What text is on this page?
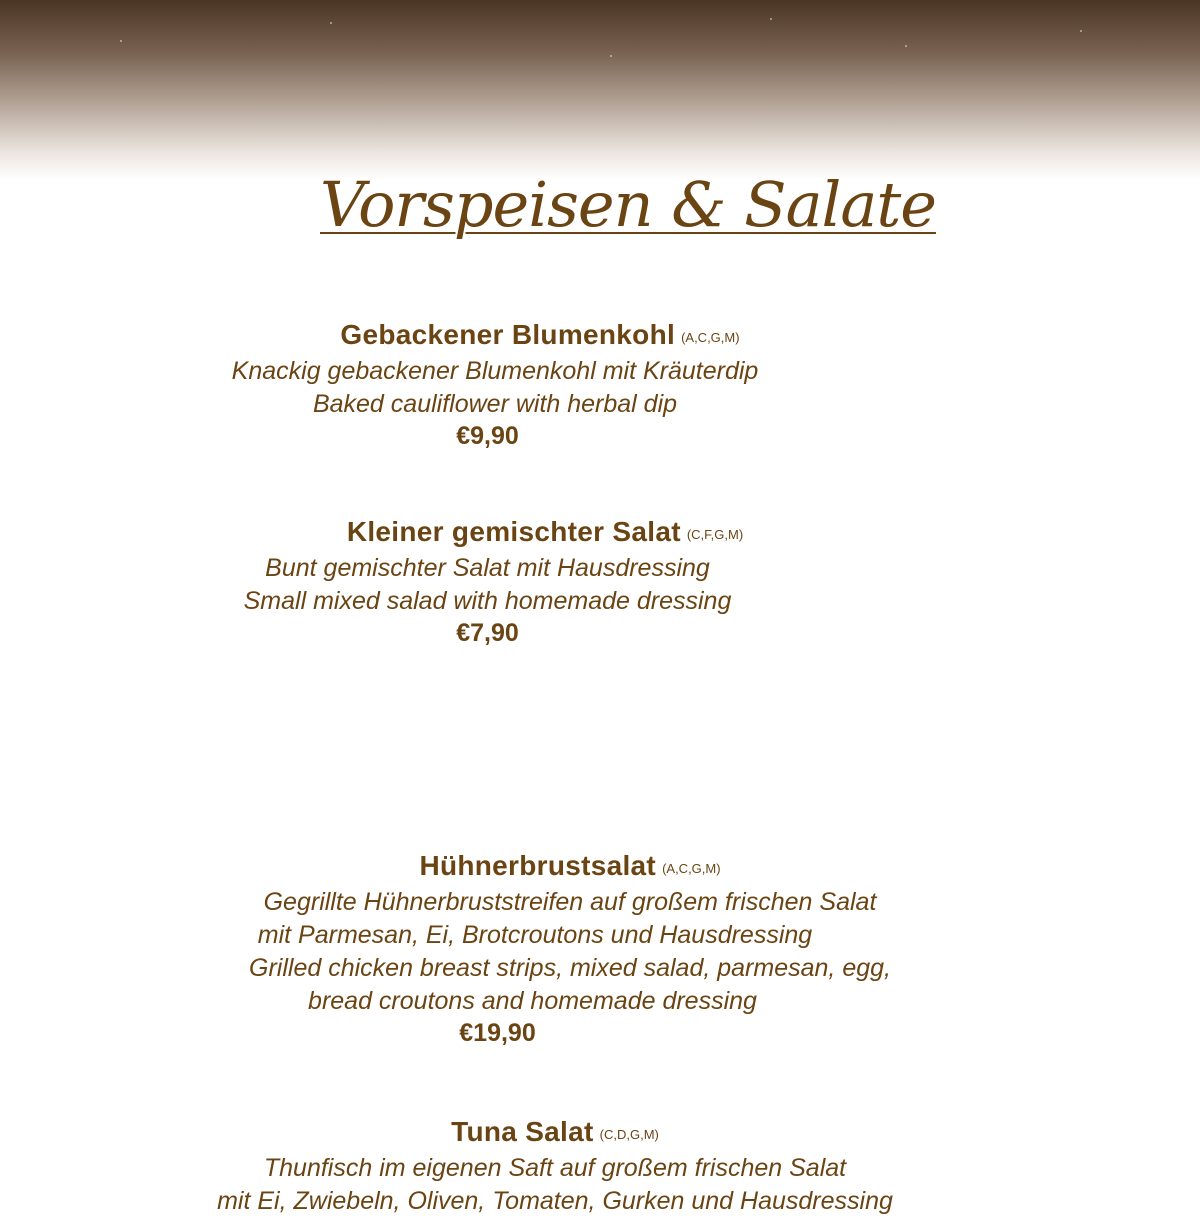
Vorspeisen & Salate
Gebackener Blumenkohl (A,C,G,M)
Knackig gebackener Blumenkohl mit Kräuterdip
Baked cauliflower with herbal dip
€9,90
Kleiner gemischter Salat (C,F,G,M)
Bunt gemischter Salat mit Hausdressing
Small mixed salad with homemade dressing
€7,90
Hühnerbrustsalat (A,C,G,M)
Gegrillte Hühnerbruststreifen auf großem frischen Salat
mit Parmesan, Ei, Brotcroutons und Hausdressing
Grilled chicken breast strips, mixed salad, parmesan, egg,
bread croutons and homemade dressing
€19,90
Tuna Salat (C,D,G,M)
Thunfisch im eigenen Saft auf großem frischen Salat
mit Ei, Zwiebeln, Oliven, Tomaten, Gurken und Hausdressing
